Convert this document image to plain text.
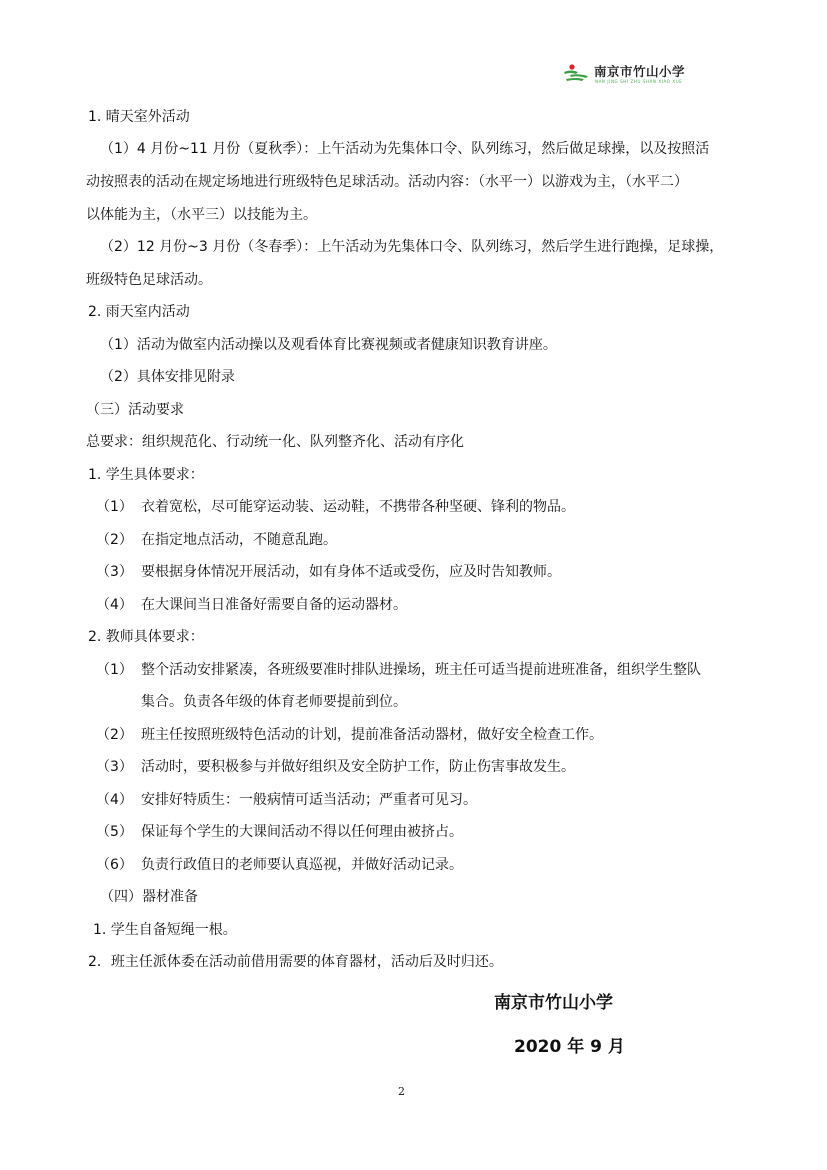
南京市竹山小学
NAN JING SHI ZHU SHAN XIAO XUE
1. 晴天室外活动
（1）4 月份~11 月份（夏秋季）：上午活动为先集体口令、队列练习，然后做足球操，以及按照活
动按照表的活动在规定场地进行班级特色足球活动。活动内容：（水平一）以游戏为主，（水平二）
以体能为主，（水平三）以技能为主。
（2）12 月份~3 月份（冬春季）：上午活动为先集体口令、队列练习，然后学生进行跑操，足球操，
班级特色足球活动。
2. 雨天室内活动
（1）活动为做室内活动操以及观看体育比赛视频或者健康知识教育讲座。
（2）具体安排见附录
（三）活动要求
总要求：组织规范化、行动统一化、队列整齐化、活动有序化
1. 学生具体要求：
（1） 衣着宽松，尽可能穿运动装、运动鞋，不携带各种坚硬、锋利的物品。
（2） 在指定地点活动，不随意乱跑。
（3） 要根据身体情况开展活动，如有身体不适或受伤，应及时告知教师。
（4） 在大课间当日准备好需要自备的运动器材。
2. 教师具体要求：
（1） 整个活动安排紧凑，各班级要准时排队进操场，班主任可适当提前进班准备，组织学生整队
集合。负责各年级的体育老师要提前到位。
（2） 班主任按照班级特色活动的计划，提前准备活动器材，做好安全检查工作。
（3） 活动时，要积极参与并做好组织及安全防护工作，防止伤害事故发生。
（4） 安排好特质生：一般病情可适当活动；严重者可见习。
（5） 保证每个学生的大课间活动不得以任何理由被挤占。
（6） 负责行政值日的老师要认真巡视，并做好活动记录。
（四）器材准备
1. 学生自备短绳一根。
2．班主任派体委在活动前借用需要的体育器材，活动后及时归还。
南京市竹山小学
2020 年 9 月
2
